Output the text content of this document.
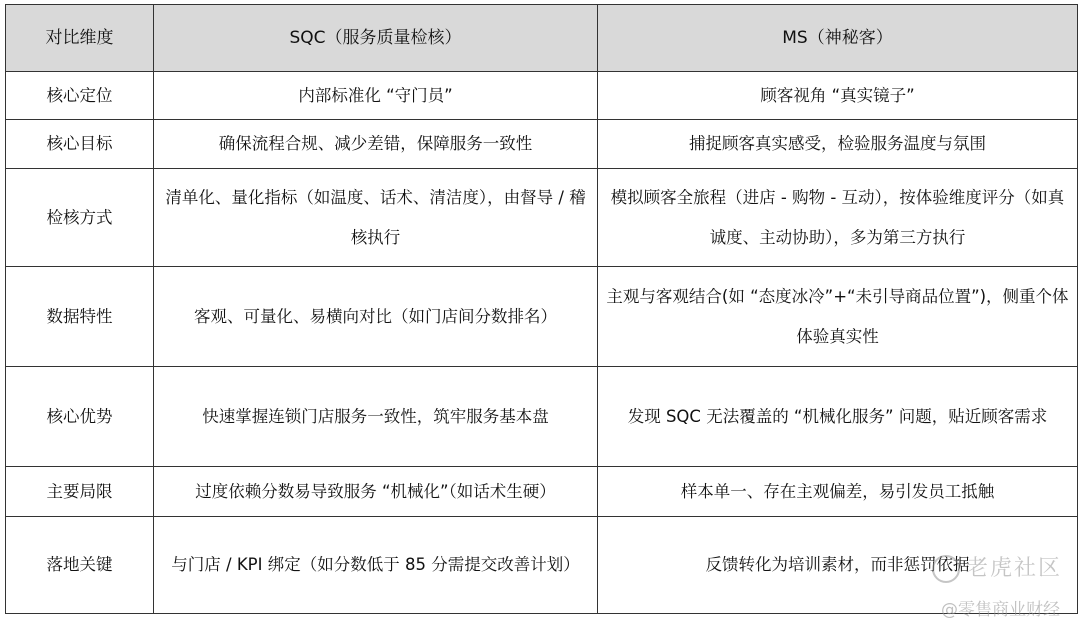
对比维度	SQC（服务质量检核）	MS（神秘客）
核心定位	内部标准化 “守门员”	顾客视角 “真实镜子”
核心目标	确保流程合规、减少差错，保障服务一致性	捕捉顾客真实感受，检验服务温度与氛围
检核方式	清单化、量化指标（如温度、话术、清洁度），由督导 / 稽核执行	模拟顾客全旅程（进店 - 购物 - 互动），按体验维度评分（如真诚度、主动协助），多为第三方执行
数据特性	客观、可量化、易横向对比（如门店间分数排名）	主观与客观结合(如 “态度冰冷”+“未引导商品位置”)，侧重个体体验真实性
核心优势	快速掌握连锁门店服务一致性，筑牢服务基本盘	发现 SQC 无法覆盖的 “机械化服务” 问题，贴近顾客需求
主要局限	过度依赖分数易导致服务 “机械化”（如话术生硬）	样本单一、存在主观偏差，易引发员工抵触
落地关键	与门店 / KPI 绑定（如分数低于 85 分需提交改善计划）	反馈转化为培训素材，而非惩罚依据
老虎社区
@零售商业财经
